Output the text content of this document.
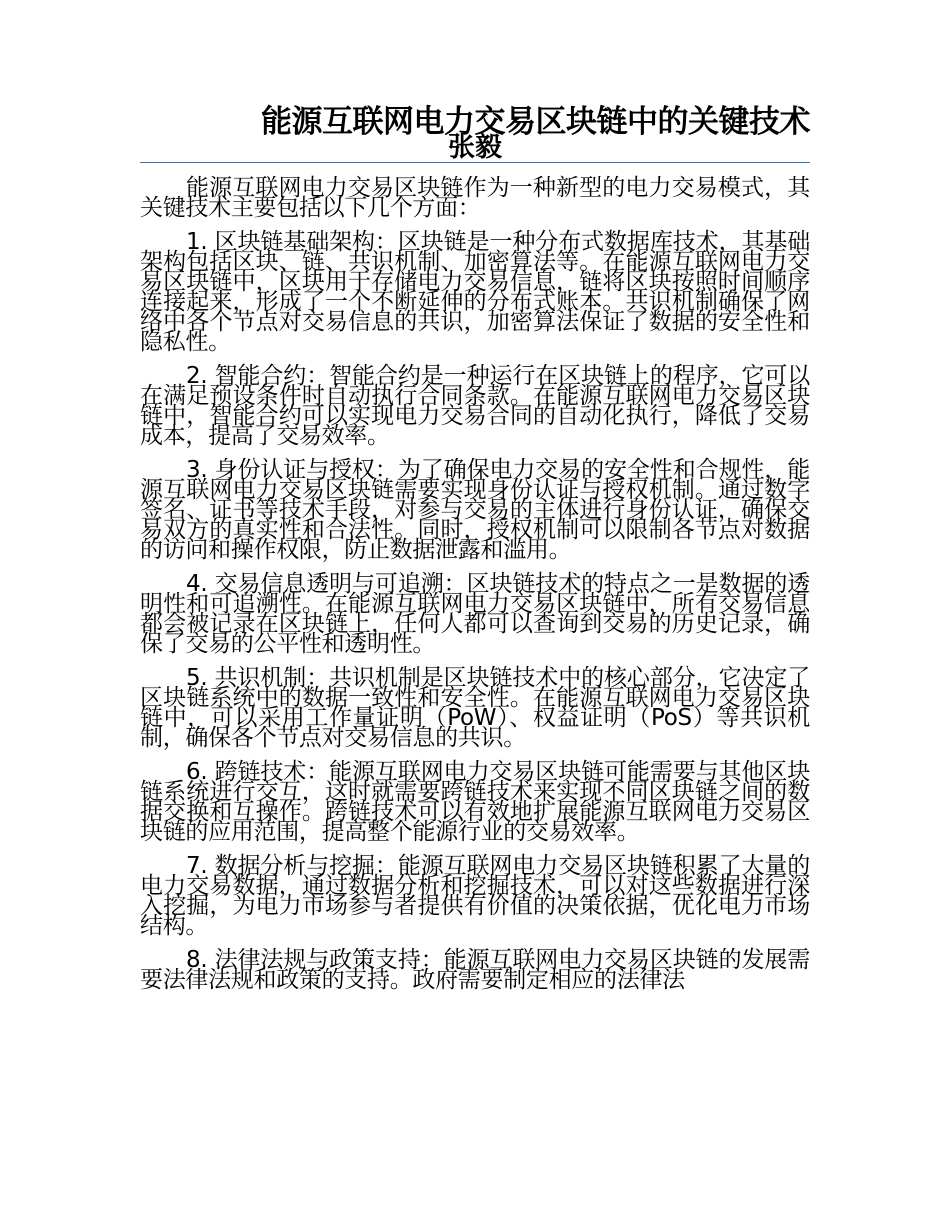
能源互联网电力交易区块链中的关键技术
张毅

能源互联网电力交易区块链作为一种新型的电力交易模式，其关键技术主要包括以下几个方面：

1. 区块链基础架构：区块链是一种分布式数据库技术，其基础架构包括区块、链、共识机制、加密算法等。在能源互联网电力交易区块链中，区块用于存储电力交易信息，链将区块按照时间顺序连接起来，形成了一个不断延伸的分布式账本。共识机制确保了网络中各个节点对交易信息的共识，加密算法保证了数据的安全性和隐私性。

2. 智能合约：智能合约是一种运行在区块链上的程序，它可以在满足预设条件时自动执行合同条款。在能源互联网电力交易区块链中，智能合约可以实现电力交易合同的自动化执行，降低了交易成本，提高了交易效率。

3. 身份认证与授权：为了确保电力交易的安全性和合规性，能源互联网电力交易区块链需要实现身份认证与授权机制。通过数字签名、证书等技术手段，对参与交易的主体进行身份认证，确保交易双方的真实性和合法性。同时，授权机制可以限制各节点对数据的访问和操作权限，防止数据泄露和滥用。

4. 交易信息透明与可追溯：区块链技术的特点之一是数据的透明性和可追溯性。在能源互联网电力交易区块链中，所有交易信息都会被记录在区块链上，任何人都可以查询到交易的历史记录，确保了交易的公平性和透明性。

5. 共识机制：共识机制是区块链技术中的核心部分，它决定了区块链系统中的数据一致性和安全性。在能源互联网电力交易区块链中，可以采用工作量证明（PoW）、权益证明（PoS）等共识机制，确保各个节点对交易信息的共识。

6. 跨链技术：能源互联网电力交易区块链可能需要与其他区块链系统进行交互，这时就需要跨链技术来实现不同区块链之间的数据交换和互操作。跨链技术可以有效地扩展能源互联网电力交易区块链的应用范围，提高整个能源行业的交易效率。

7. 数据分析与挖掘：能源互联网电力交易区块链积累了大量的电力交易数据，通过数据分析和挖掘技术，可以对这些数据进行深入挖掘，为电力市场参与者提供有价值的决策依据，优化电力市场结构。

8. 法律法规与政策支持：能源互联网电力交易区块链的发展需要法律法规和政策的支持。政府需要制定相应的法律法
